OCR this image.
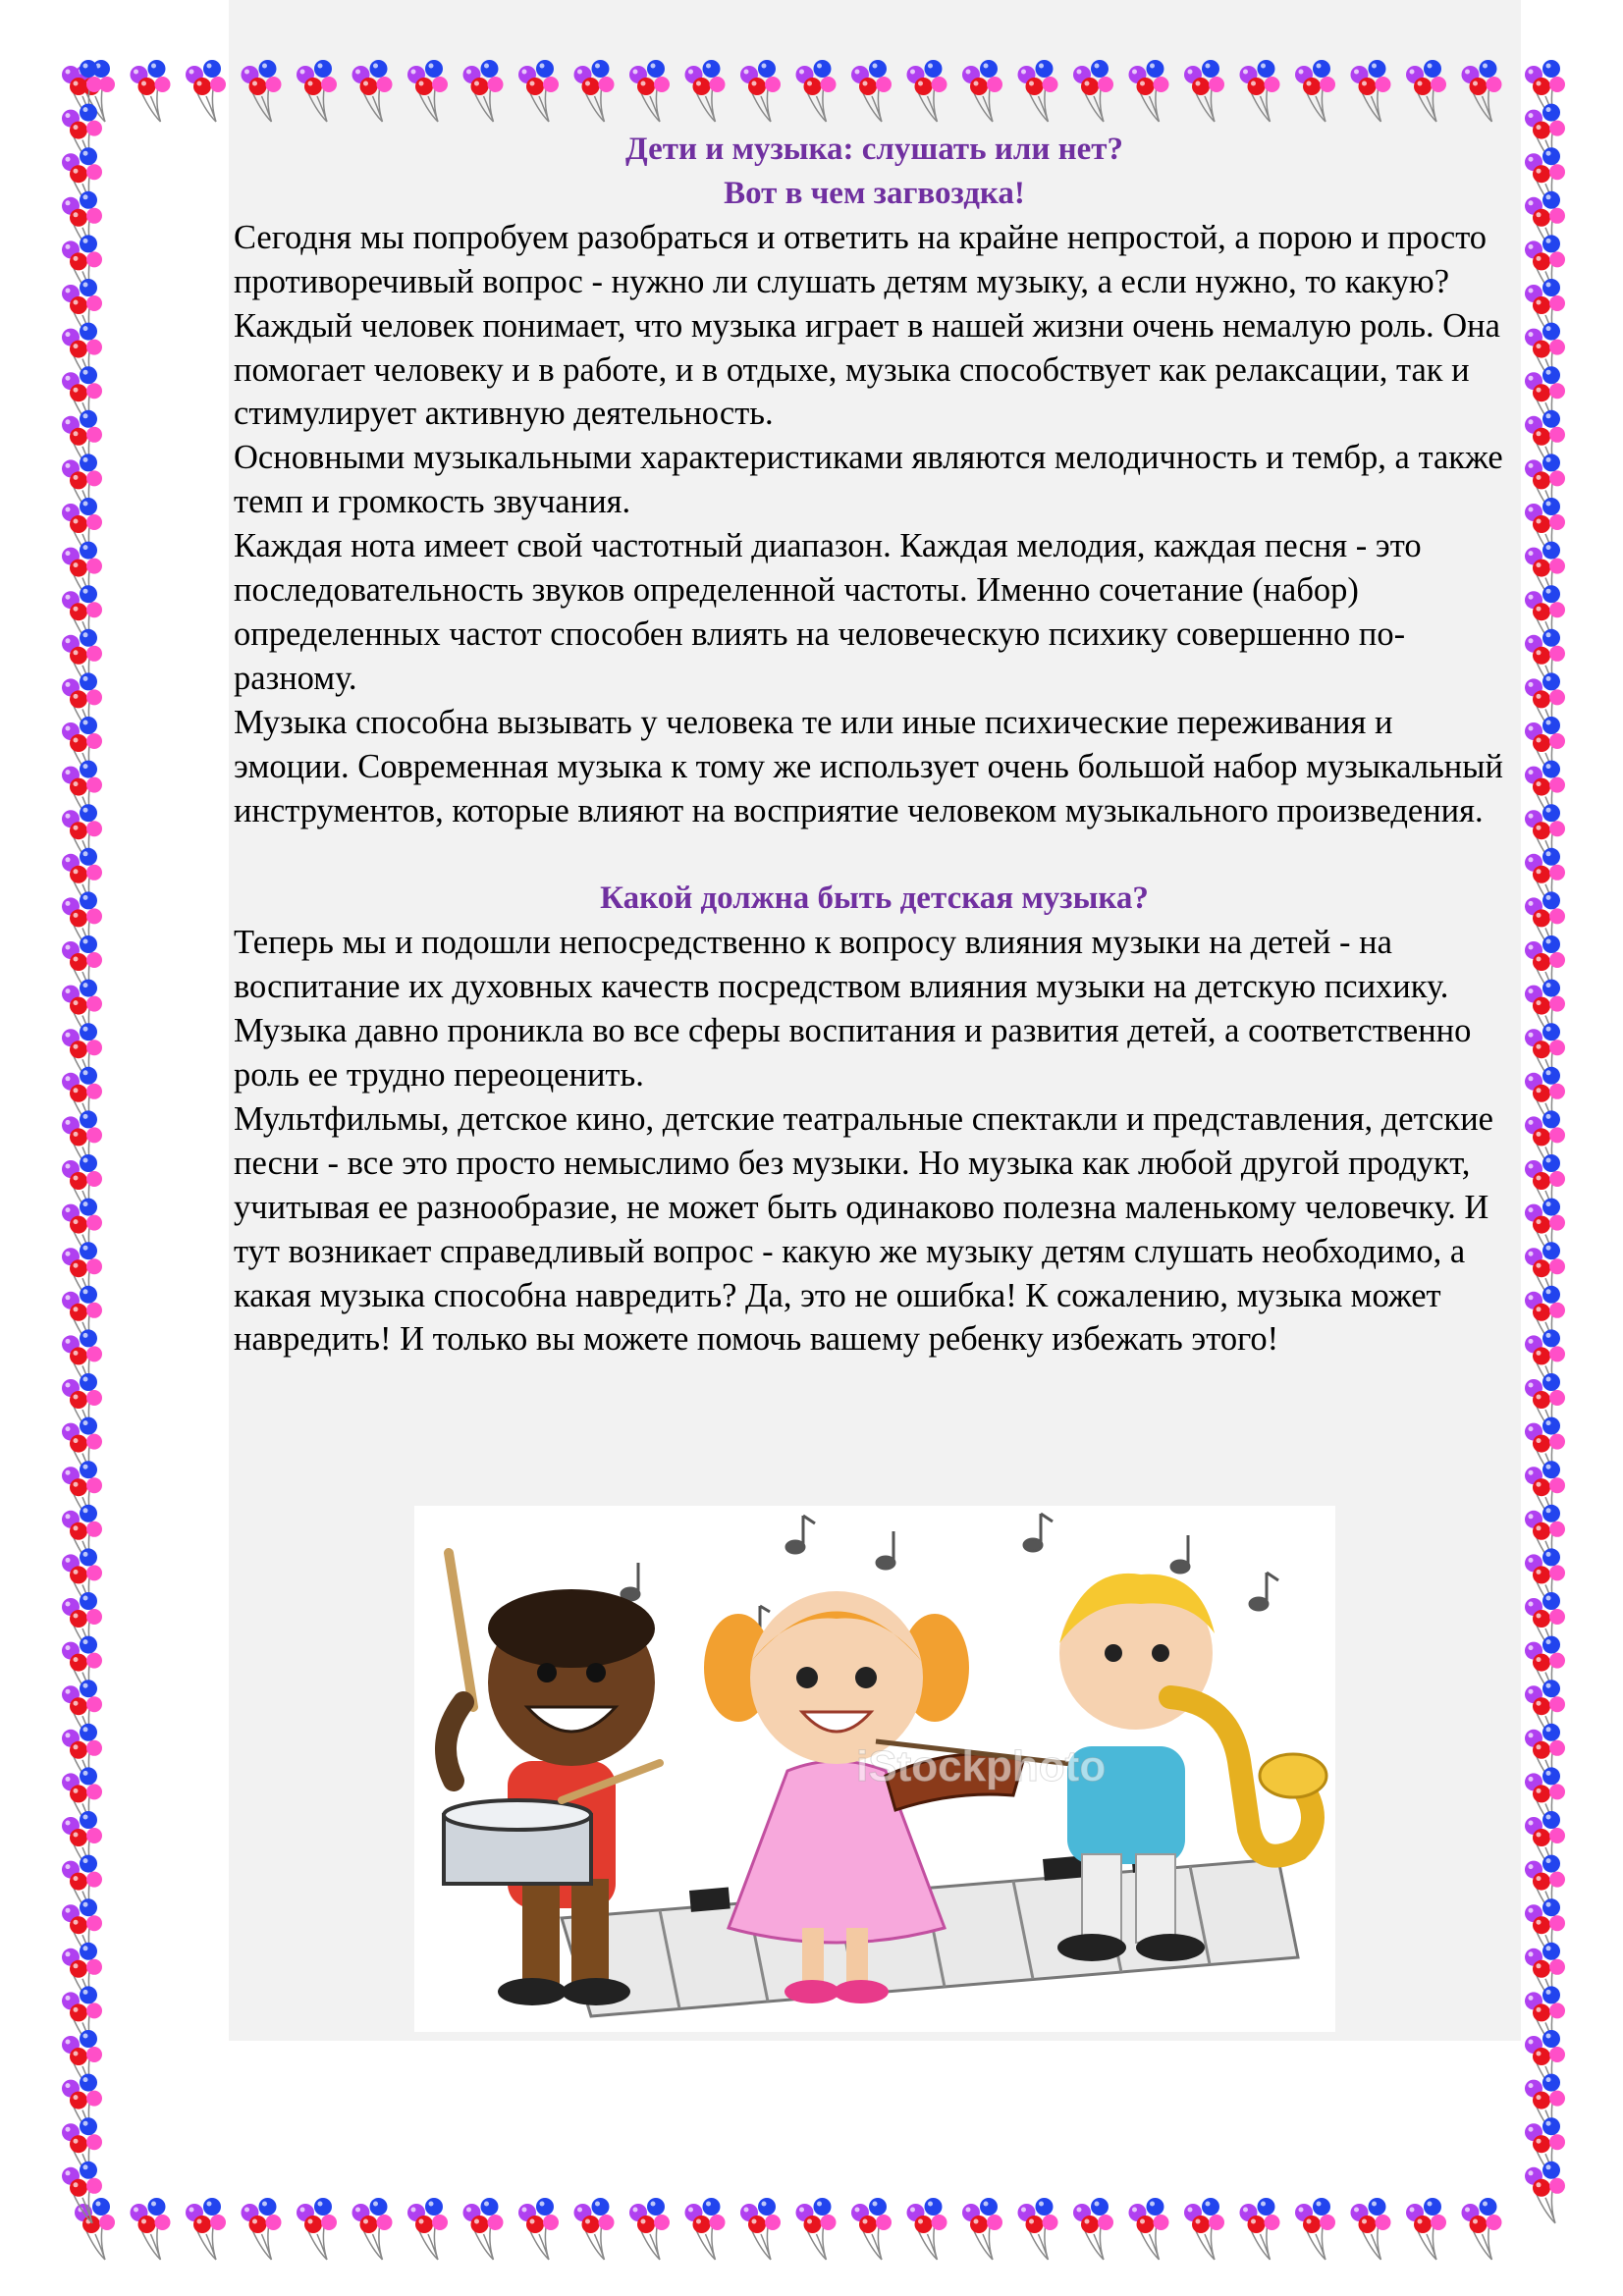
Дети и музыка: слушать или нет?

Вот в чем загвоздка!

Сегодня мы попробуем разобраться и ответить на крайне непростой, а порою и просто противоречивый вопрос - нужно ли слушать детям музыку, а если нужно, то какую?

Каждый человек понимает, что музыка играет в нашей жизни очень немалую роль. Она помогает человеку и в работе, и в отдыхе, музыка способствует как релаксации, так и стимулирует активную деятельность.

Основными музыкальными характеристиками являются мелодичность и тембр, а также темп и громкость звучания.

Каждая нота имеет свой частотный диапазон. Каждая мелодия, каждая песня - это последовательность звуков определенной частоты. Именно сочетание (набор) определенных частот способен влиять на человеческую психику совершенно по-разному.

Музыка способна вызывать у человека те или иные психические переживания и эмоции. Современная музыка к тому же использует очень большой набор музыкальный инструментов, которые влияют на восприятие человеком музыкального произведения.

Какой должна быть детская музыка?

Теперь мы и подошли непосредственно к вопросу влияния музыки на детей - на воспитание их духовных качеств посредством влияния музыки на детскую психику. Музыка давно проникла во все сферы воспитания и развития детей, а соответственно роль ее трудно переоценить.

Мультфильмы, детское кино, детские театральные спектакли и представления, детские песни - все это просто немыслимо без музыки. Но музыка как любой другой продукт, учитывая ее разнообразие, не может быть одинаково полезна маленькому человечку. И тут возникает справедливый вопрос - какую же музыку детям слушать необходимо, а какая музыка способна навредить? Да, это не ошибка! К сожалению, музыка может навредить! И только вы можете помочь вашему ребенку избежать этого!

iStockphoto
